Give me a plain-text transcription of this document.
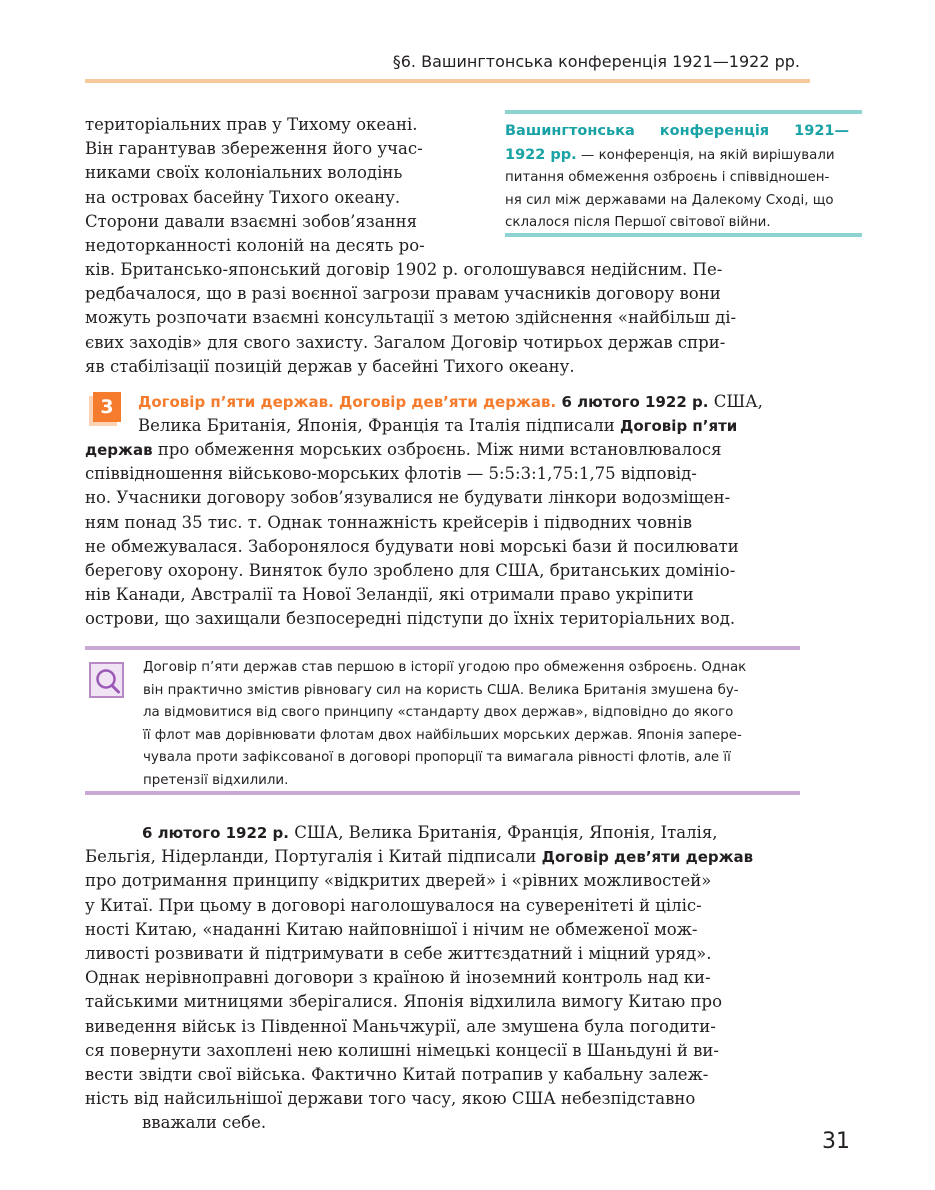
§6. Вашингтонська конференція 1921—1922 рр.
територіальних прав у Тихому океані.
Він гарантував збереження його учас-
никами своїх колоніальних володінь
на островах басейну Тихого океану.
Сторони давали взаємні зобов’язання
недоторканності колоній на десять ро-
Вашингтонська конференція 1921—
1922 рр. — конференція, на якій вирішували
питання обмеження озброєнь і співвідношен-
ня сил між державами на Далекому Сході, що
склалося після Першої світової війни.
ків. Британсько-японський договір 1902 р. оголошувався недійсним. Пе-
редбачалося, що в разі воєнної загрози правам учасників договору вони
можуть розпочати взаємні консультації з метою здійснення «найбільш ді-
євих заходів» для свого захисту. Загалом Договір чотирьох держав спри-
яв стабілізації позицій держав у басейні Тихого океану.
3	Договір п’яти держав. Договір дев’яти держав. 6 лютого 1922 р. США,
Велика Британія, Японія, Франція та Італія підписали Договір п’яти
держав про обмеження морських озброєнь. Між ними встановлювалося
співвідношення військово-морських флотів — 5:5:3:1,75:1,75 відповід-
но. Учасники договору зобов’язувалися не будувати лінкори водозміщен-
ням понад 35 тис. т. Однак тоннажність крейсерів і підводних човнів
не обмежувалася. Заборонялося будувати нові морські бази й посилювати
берегову охорону. Виняток було зроблено для США, британських домініо-
нів Канади, Австралії та Нової Зеландії, які отримали право укріпити
острови, що захищали безпосередні підступи до їхніх територіальних вод.
Договір п’яти держав став першою в історії угодою про обмеження озброєнь. Однак
він практично змістив рівновагу сил на користь США. Велика Британія змушена бу-
ла відмовитися від свого принципу «стандарту двох держав», відповідно до якого
її флот мав дорівнювати флотам двох найбільших морських держав. Японія запере-
чувала проти зафіксованої в договорі пропорції та вимагала рівності флотів, але її
претензії відхилили.
6 лютого 1922 р. США, Велика Британія, Франція, Японія, Італія,
Бельгія, Нідерланди, Португалія і Китай підписали Договір дев’яти держав
про дотримання принципу «відкритих дверей» і «рівних можливостей»
у Китаї. При цьому в договорі наголошувалося на суверенітеті й ціліс-
ності Китаю, «наданні Китаю найповнішої і нічим не обмеженої мож-
ливості розвивати й підтримувати в себе життєздатний і міцний уряд».
Однак нерівноправні договори з країною й іноземний контроль над ки-
тайськими митницями зберігалися. Японія відхилила вимогу Китаю про
виведення військ із Південної Маньчжурії, але змушена була погодити-
ся повернути захоплені нею колишні німецькі концесії в Шаньдуні й ви-
вести звідти свої війська. Фактично Китай потрапив у кабальну залеж-
ність від найсильнішої держави того часу, якою США небезпідставно
вважали себе.
31
